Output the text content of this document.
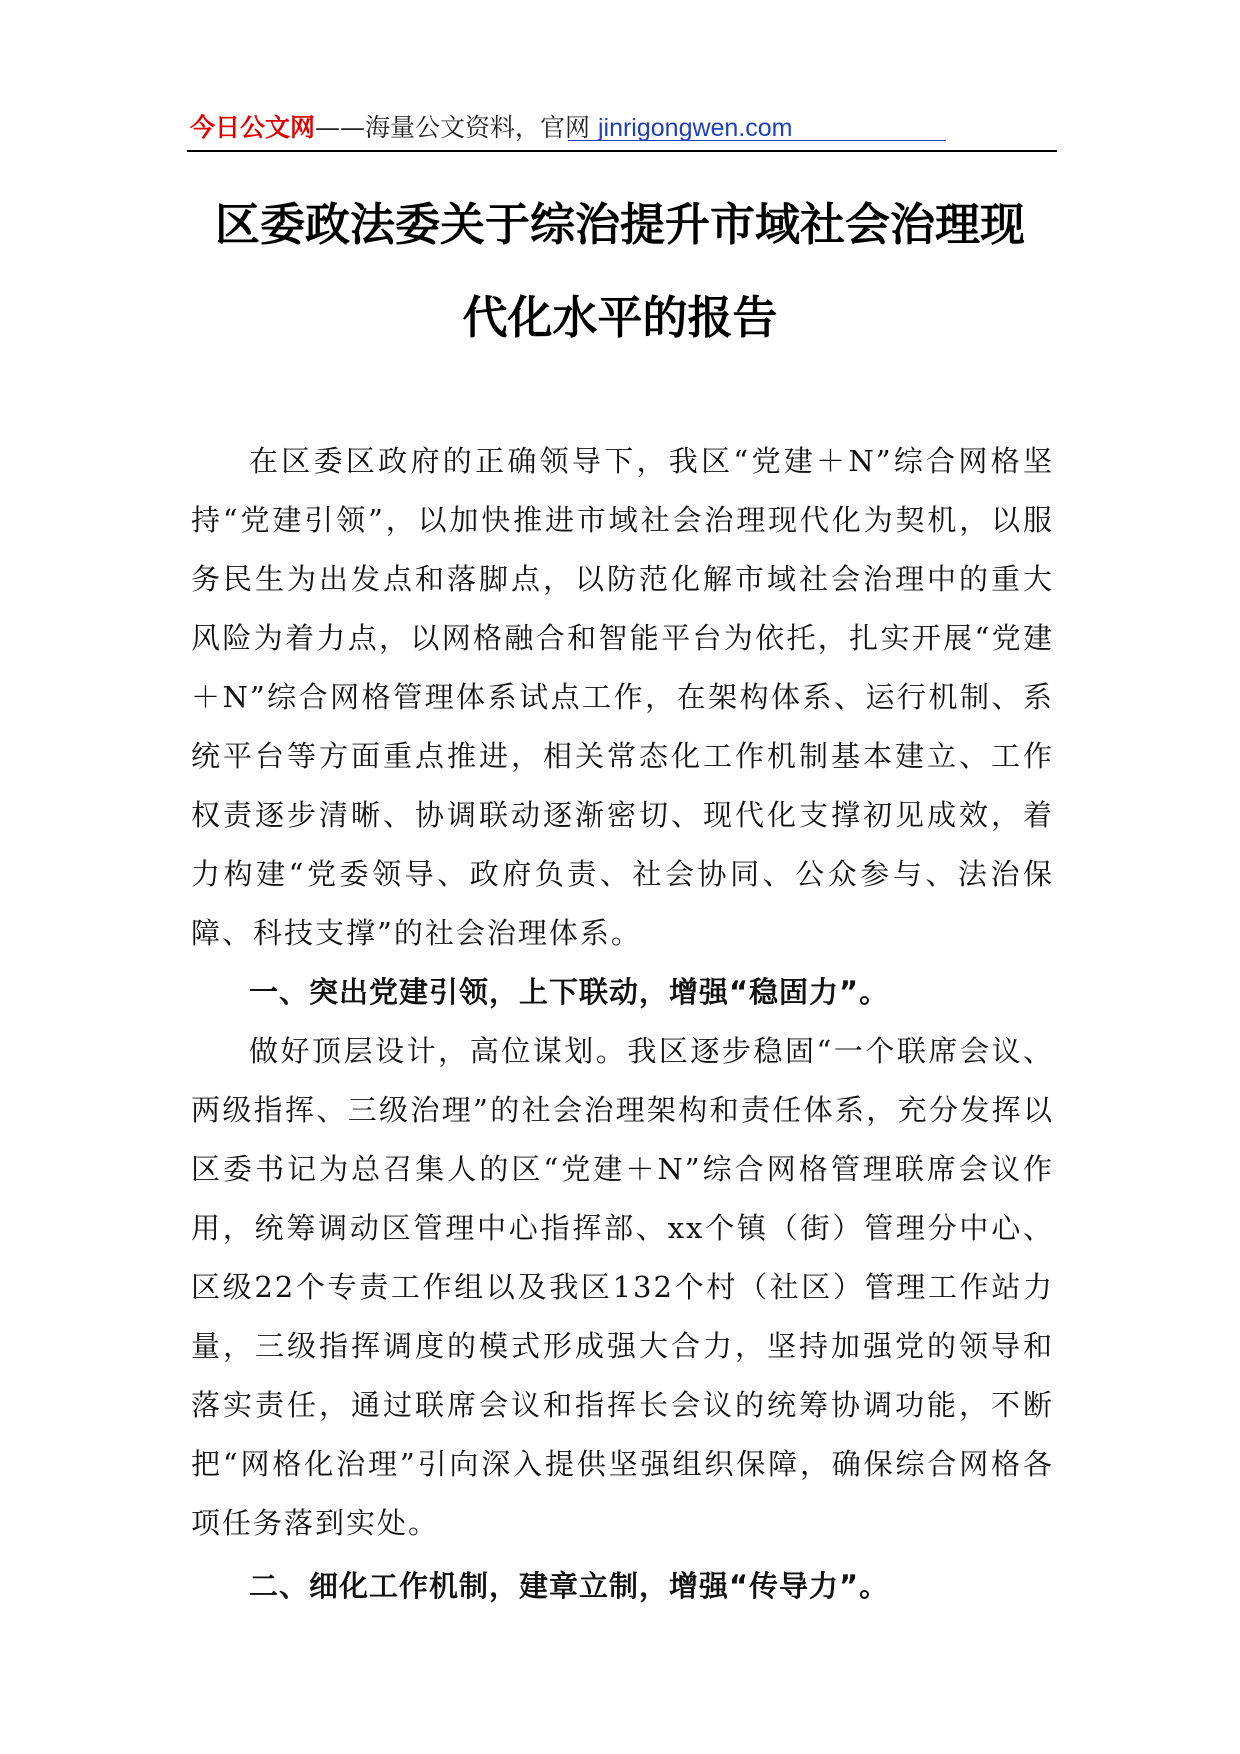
今日公文网——海量公文资料，官网 jinrigongwen.com
区委政法委关于综治提升市域社会治理现
代化水平的报告

在区委区政府的正确领导下，我区“党建＋N”综合网格坚持“党建引领”，以加快推进市域社会治理现代化为契机，以服务民生为出发点和落脚点，以防范化解市域社会治理中的重大风险为着力点，以网格融合和智能平台为依托，扎实开展“党建＋N”综合网格管理体系试点工作，在架构体系、运行机制、系统平台等方面重点推进，相关常态化工作机制基本建立、工作权责逐步清晰、协调联动逐渐密切、现代化支撑初见成效，着力构建“党委领导、政府负责、社会协同、公众参与、法治保障、科技支撑”的社会治理体系。

一、突出党建引领，上下联动，增强“稳固力”。

做好顶层设计，高位谋划。我区逐步稳固“一个联席会议、两级指挥、三级治理”的社会治理架构和责任体系，充分发挥以区委书记为总召集人的区“党建＋N”综合网格管理联席会议作用，统筹调动区管理中心指挥部、xx个镇（街）管理分中心、区级22个专责工作组以及我区132个村（社区）管理工作站力量，三级指挥调度的模式形成强大合力，坚持加强党的领导和落实责任，通过联席会议和指挥长会议的统筹协调功能，不断把“网格化治理”引向深入提供坚强组织保障，确保综合网格各项任务落到实处。

二、细化工作机制，建章立制，增强“传导力”。
